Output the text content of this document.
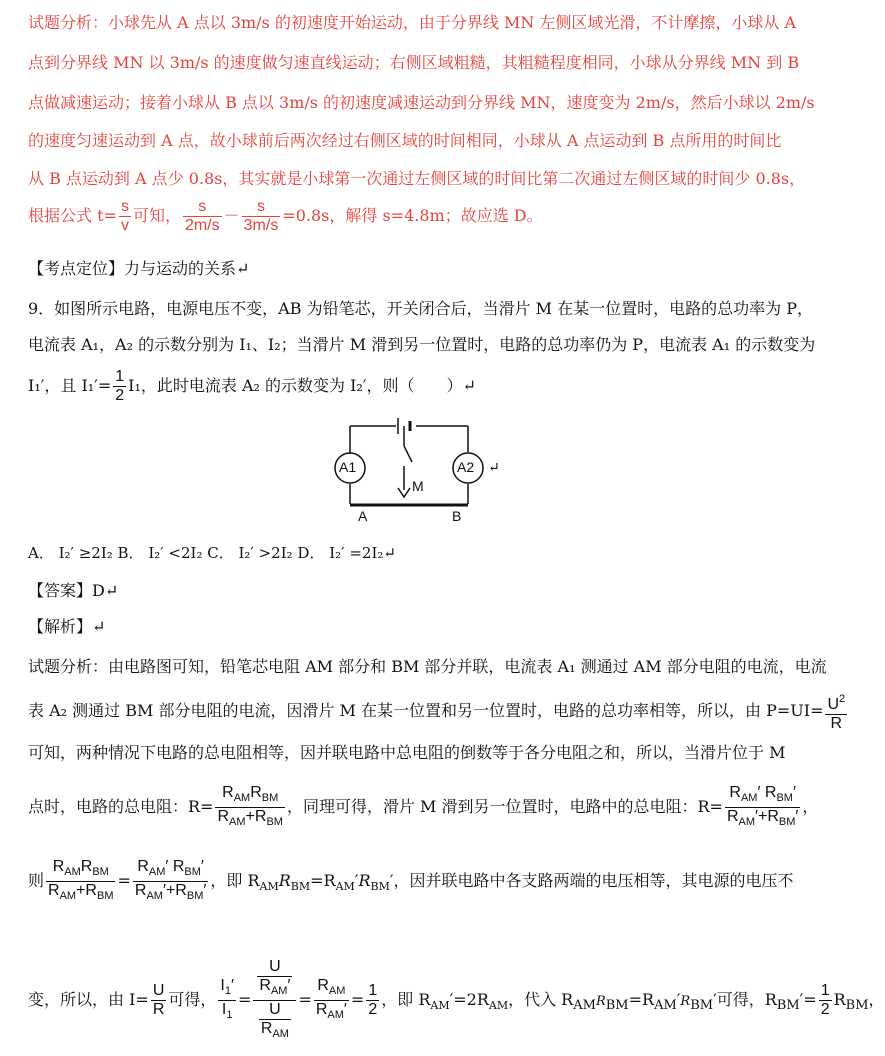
试题分析：小球先从 A 点以 3m/s 的初速度开始运动，由于分界线 MN 左侧区域光滑，不计摩擦，小球从 A
点到分界线 MN 以 3m/s 的速度做匀速直线运动；右侧区域粗糙，其粗糙程度相同，小球从分界线 MN 到 B
点做减速运动；接着小球从 B 点以 3m/s 的初速度减速运动到分界线 MN，速度变为 2m/s，然后小球以 2m/s
的速度匀速运动到 A 点，故小球前后两次经过右侧区域的时间相同，小球从 A 点运动到 B 点所用的时间比
从 B 点运动到 A 点少 0.8s，其实就是小球第一次通过左侧区域的时间比第二次通过左侧区域的时间少 0.8s，
根据公式 $t= \frac{s}{v}$ 可知， $\frac{s}{2m/s} - \frac{s}{3m/s} =0.8s$，解得 s=4.8m；故应选 D。
【考点定位】力与运动的关系↵
9．如图所示电路，电源电压不变，AB 为铅笔芯，开关闭合后，当滑片 M 在某一位置时，电路的总功率为 P，
电流表 A₁，A₂ 的示数分别为 I₁、I₂；当滑片 M 滑到另一位置时，电路的总功率仍为 P，电流表 A₁ 的示数变为
I₁′，且 $I_1'= \frac{1}{2} I_1$，此时电流表 A₂ 的示数变为 I₂′，则（　　）↵
A1	A2
M
A	B
↵
A． I₂′ ≥2I₂ B． I₂′ <2I₂ C． I₂′ >2I₂ D． I₂′ =2I₂↵
【答案】D↵
【解析】↵
试题分析：由电路图可知，铅笔芯电阻 AM 部分和 BM 部分并联，电流表 A₁ 测通过 AM 部分电阻的电流，电流
表 A₂ 测通过 BM 部分电阻的电流，因滑片 M 在某一位置和另一位置时，电路的总功率相等，所以，由 $P=UI= \frac{U^2}{R}$
可知，两种情况下电路的总电阻相等，因并联电路中总电阻的倒数等于各分电阻之和，所以，当滑片位于 M
点时，电路的总电阻：$R= \frac{R_{AM}R_{BM}}{R_{AM}+R_{BM}}$ ，同理可得，滑片 M 滑到另一位置时，电路中的总电阻：$R= \frac{R_{AM}' R_{BM}'}{R_{AM}'+R_{BM}'}$ ，
则 $\frac{R_{AM}R_{BM}}{R_{AM}+R_{BM}} = \frac{R_{AM}' R_{BM}'}{R_{AM}'+R_{BM}'}$ ，即 $R_{AM}R_{BM}=R_{AM}'R_{BM}'$，因并联电路中各支路两端的电压相等，其电源的电压不
变，所以，由 $I= \frac{U}{R}$ 可得， $\frac{I_1'}{I_1} = \frac{\frac{U}{R_{AM}'}}{\frac{U}{R_{AM}}} = \frac{R_{AM}}{R_{AM}'} = \frac{1}{2}$ ，即 $R_{AM}'=2R_{AM}$，代入 $R_{AM}R_{BM}=R_{AM}'R_{BM}'$可得，$R_{BM}'= \frac{1}{2} R_{BM}$，
